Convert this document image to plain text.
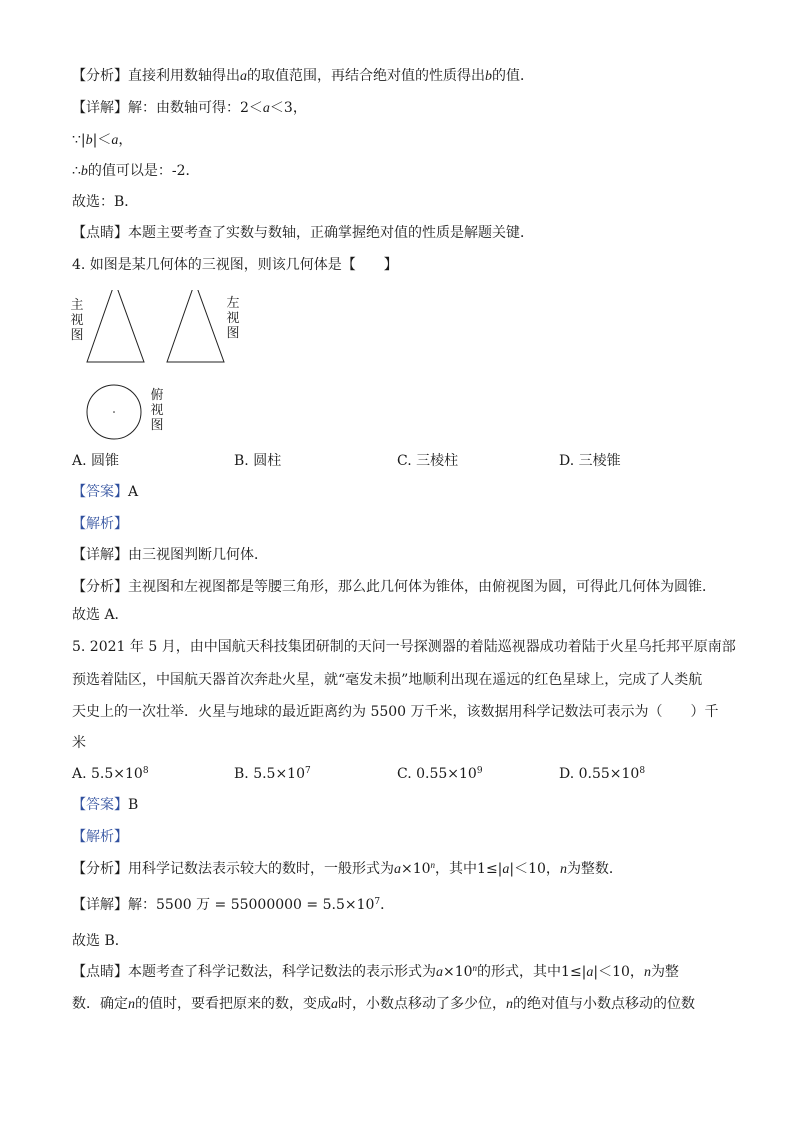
【分析】直接利用数轴得出a的取值范围，再结合绝对值的性质得出b的值．
【详解】解：由数轴可得：2＜a＜3，
∵|b|＜a，
∴b的值可以是：-2．
故选：B．
【点睛】本题主要考查了实数与数轴，正确掌握绝对值的性质是解题关键．
4. 如图是某几何体的三视图，则该几何体是【　　】
主
视
图
左
视
图
俯
视
图
A. 圆锥	B. 圆柱	C. 三棱柱	D. 三棱锥
【答案】A
【解析】
【详解】由三视图判断几何体．
【分析】主视图和左视图都是等腰三角形，那么此几何体为锥体，由俯视图为圆，可得此几何体为圆锥．
故选 A．
5. 2021 年 5 月，由中国航天科技集团研制的天问一号探测器的着陆巡视器成功着陆于火星乌托邦平原南部
预选着陆区，中国航天器首次奔赴火星，就“毫发未损”地顺利出现在遥远的红色星球上，完成了人类航
天史上的一次壮举．火星与地球的最近距离约为 5500 万千米，该数据用科学记数法可表示为（　　）千
米
A. $5.5\times 10^8$	B. $5.5\times 10^7$	C. $0.55\times 10^9$	D. $0.55\times 10^8$
【答案】B
【解析】
【分析】用科学记数法表示较大的数时，一般形式为$a\times 10^n$，其中1≤|a|＜10，n为整数．
【详解】解：5500 万 = $55000000 = 5.5\times 10^7$．
故选 B．
【点睛】本题考查了科学记数法，科学记数法的表示形式为$a\times 10^n$的形式，其中1≤|a|＜10，n为整
数．确定n的值时，要看把原来的数，变成a时，小数点移动了多少位，n的绝对值与小数点移动的位数
